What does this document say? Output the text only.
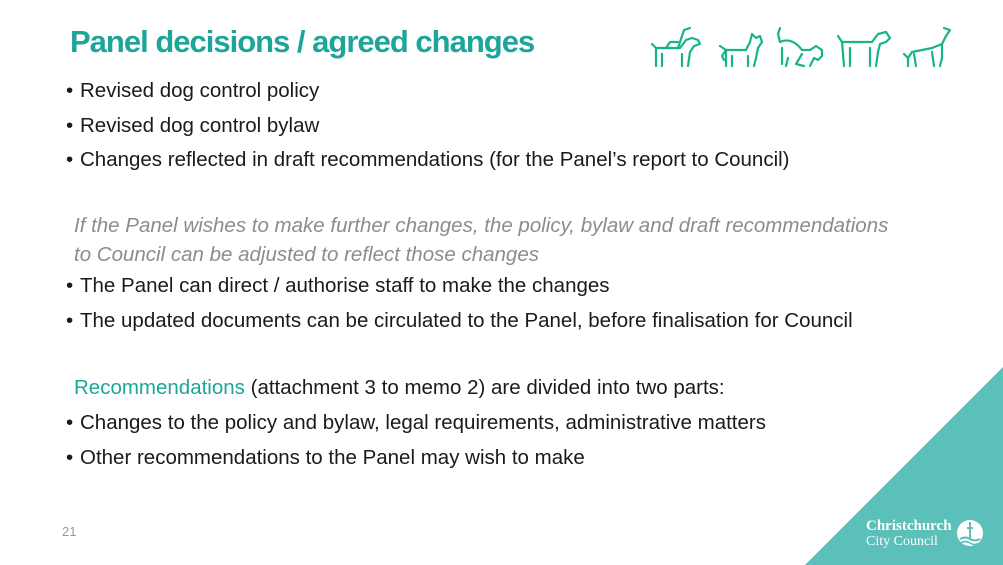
Panel decisions / agreed changes
• Revised dog control policy
• Revised dog control bylaw
• Changes reflected in draft recommendations (for the Panel’s report to Council)
If the Panel wishes to make further changes, the policy, bylaw and draft recommendations
to Council can be adjusted to reflect those changes
• The Panel can direct / authorise staff to make the changes
• The updated documents can be circulated to the Panel, before finalisation for Council
Recommendations (attachment 3 to memo 2) are divided into two parts:
• Changes to the policy and bylaw, legal requirements, administrative matters
• Other recommendations to the Panel may wish to make
21	Christchurch
City Council
